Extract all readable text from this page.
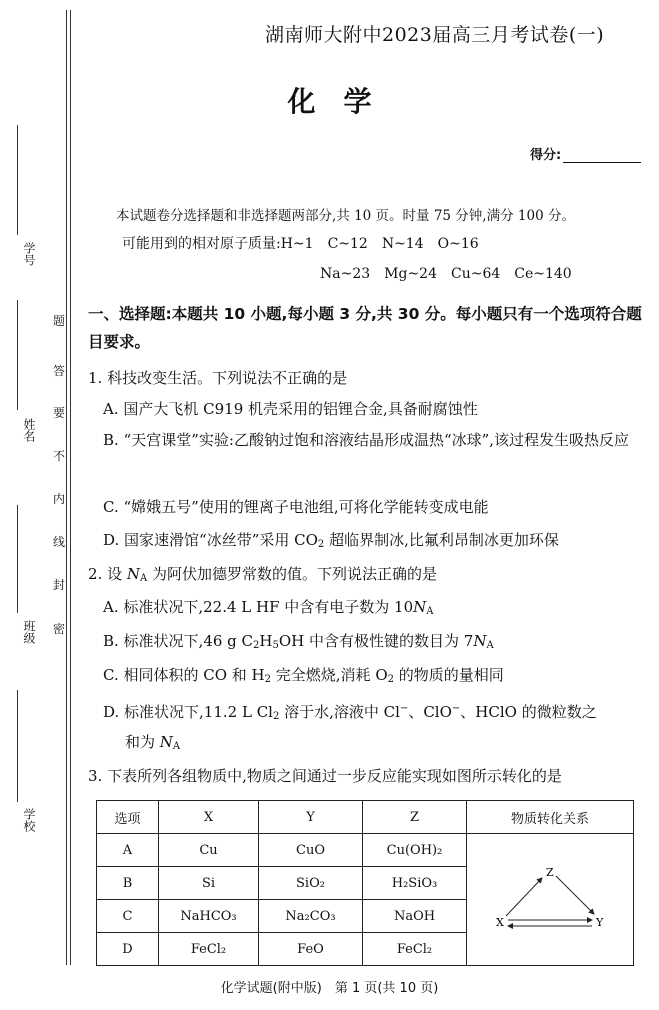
题
答
要
不
内
线
封
密
学号
姓名
班级
学校
湖南师大附中2023届高三月考试卷(一)
化学
得分:
本试题卷分选择题和非选择题两部分,共 10 页。时量 75 分钟,满分 100 分。
可能用到的相对原子质量:H~1　C~12　N~14　O~16
Na~23　Mg~24　Cu~64　Ce~140
一、选择题:本题共 10 小题,每小题 3 分,共 30 分。每小题只有一个选项符合题目要求。
1. 科技改变生活。下列说法不正确的是
A. 国产大飞机 C919 机壳采用的铝锂合金,具备耐腐蚀性
B. “天宫课堂”实验:乙酸钠过饱和溶液结晶形成温热“冰球”,该过程发生吸热反应
C. “嫦娥五号”使用的锂离子电池组,可将化学能转变成电能
D. 国家速滑馆“冰丝带”采用 $CO_2$ 超临界制冰,比氟利昂制冰更加环保
2. 设 $N_A$ 为阿伏加德罗常数的值。下列说法正确的是
A. 标准状况下,22.4 L HF 中含有电子数为 $10N_A$
B. 标准状况下,46 g $C_2H_5OH$ 中含有极性键的数目为 $7N_A$
C. 相同体积的 CO 和 $H_2$ 完全燃烧,消耗 $O_2$ 的物质的量相同
D. 标准状况下,11.2 L $Cl_2$ 溶于水,溶液中 Cl−、ClO−、HClO 的微粒数之
和为 $N_A$
3. 下表所列各组物质中,物质之间通过一步反应能实现如图所示转化的是
选项	X	Y	Z	物质转化关系
A	Cu	CuO	Cu(OH)₂	Z
X Y

B	Si	SiO₂	H₂SiO₃	
C	NaHCO₃	Na₂CO₃	NaOH	
D	FeCl₂	FeO	FeCl₂	
化学试题(附中版)　第 1 页(共 10 页)
